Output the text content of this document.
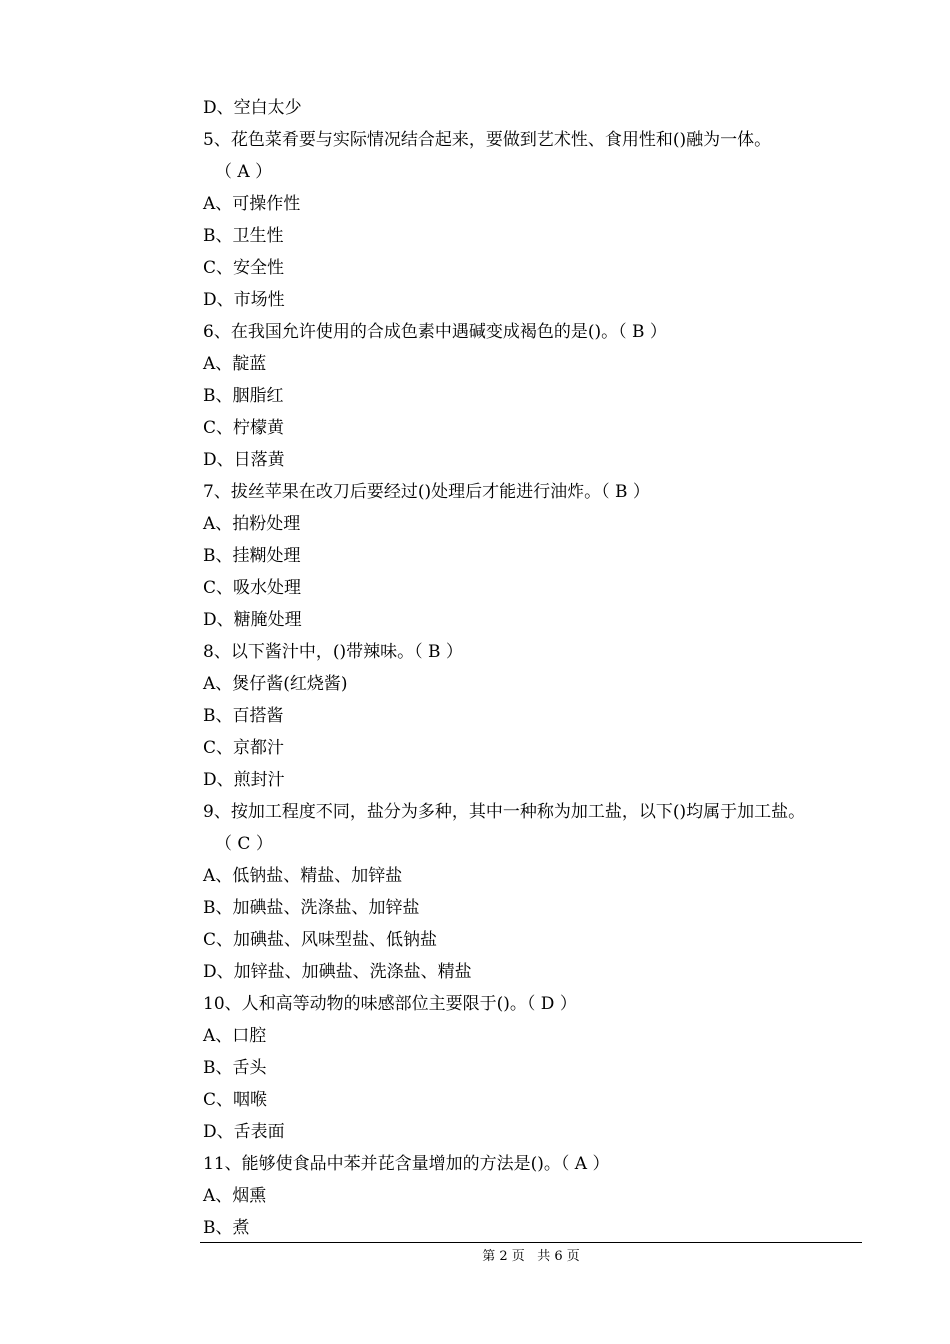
D、空白太少
5、花色菜肴要与实际情况结合起来，要做到艺术性、食用性和()融为一体。
（ A ）
A、可操作性
B、卫生性
C、安全性
D、市场性
6、在我国允许使用的合成色素中遇碱变成褐色的是()。（ B ）
A、靛蓝
B、胭脂红
C、柠檬黄
D、日落黄
7、拔丝苹果在改刀后要经过()处理后才能进行油炸。（ B ）
A、拍粉处理
B、挂糊处理
C、吸水处理
D、糖腌处理
8、以下酱汁中，()带辣味。（ B ）
A、煲仔酱(红烧酱)
B、百搭酱
C、京都汁
D、煎封汁
9、按加工程度不同，盐分为多种，其中一种称为加工盐，以下()均属于加工盐。
（ C ）
A、低钠盐、精盐、加锌盐
B、加碘盐、洗涤盐、加锌盐
C、加碘盐、风味型盐、低钠盐
D、加锌盐、加碘盐、洗涤盐、精盐
10、人和高等动物的味感部位主要限于()。（ D ）
A、口腔
B、舌头
C、咽喉
D、舌表面
11、能够使食品中苯并芘含量增加的方法是()。（ A ）
A、烟熏
B、煮
第 2 页   共 6 页
